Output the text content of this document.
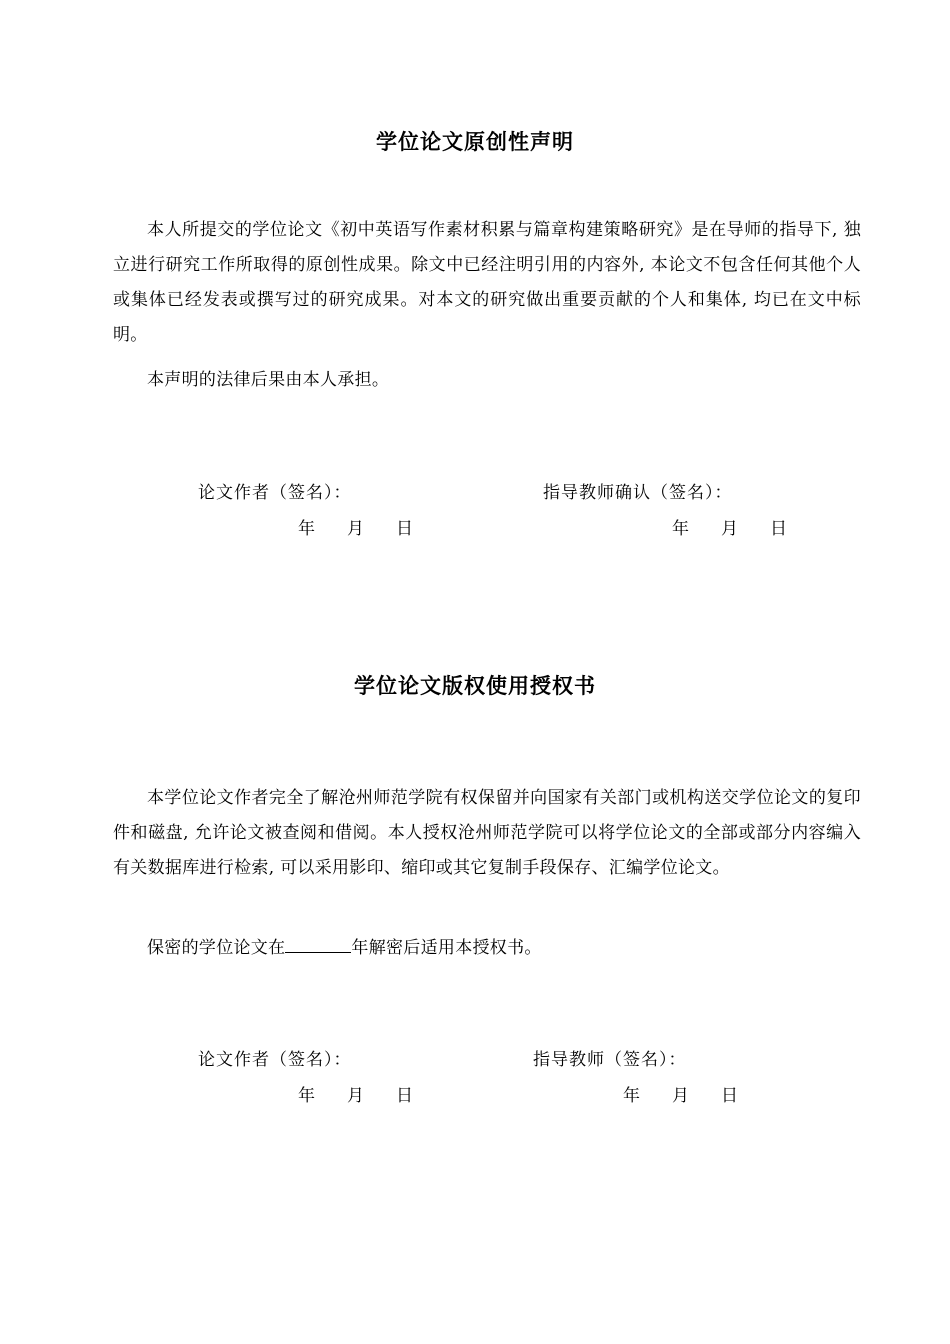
学位论文原创性声明

本人所提交的学位论文《初中英语写作素材积累与篇章构建策略研究》是在导师的指导下, 独立进行研究工作所取得的原创性成果。除文中已经注明引用的内容外, 本论文不包含任何其他个人或集体已经发表或撰写过的研究成果。对本文的研究做出重要贡献的个人和集体, 均已在文中标明。

本声明的法律后果由本人承担。

论文作者（签名）：	指导教师确认（签名）：
年 月 日	年 月 日
学位论文版权使用授权书

本学位论文作者完全了解沧州师范学院有权保留并向国家有关部门或机构送交学位论文的复印件和磁盘, 允许论文被查阅和借阅。本人授权沧州师范学院可以将学位论文的全部或部分内容编入有关数据库进行检索, 可以采用影印、缩印或其它复制手段保存、汇编学位论文。

保密的学位论文在	年解密后适用本授权书。

论文作者（签名）：	指导教师（签名）：
年 月 日	年 月 日
